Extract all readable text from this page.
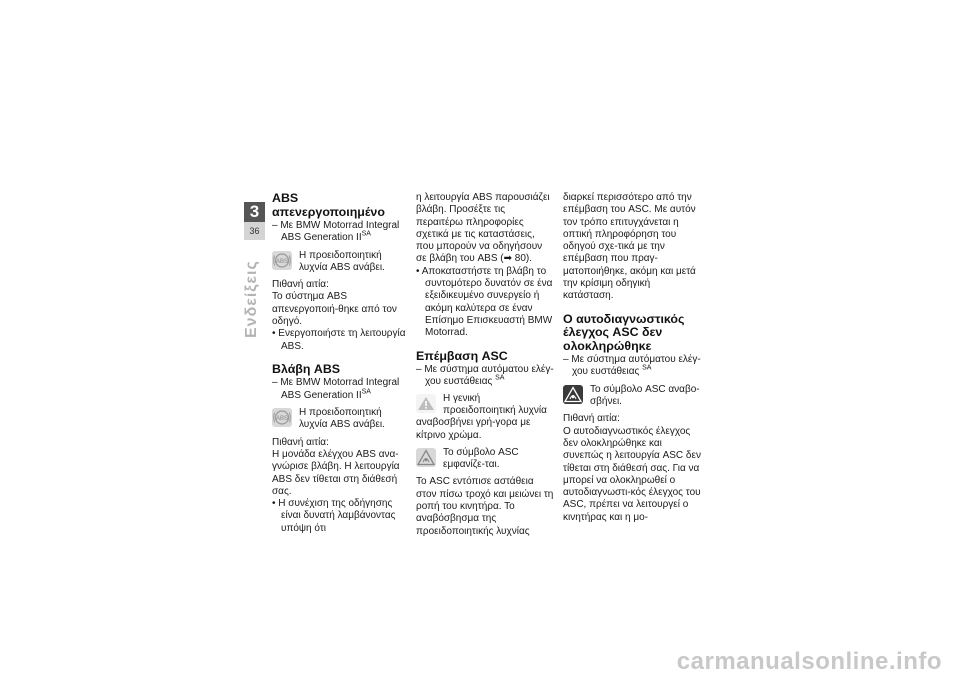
3
36
Ενδείξεις
ABS απενεργοποιημένο

– Με BMW Motorrad Integral
ABS Generation $II^{SA}$

ABS
Η προειδοποιητική λυχνία ABS ανάβει.

Πιθανή αιτία:

Το σύστημα ABS απενεργοποιή-θηκε από τον οδηγό.

• Ενεργοποιήστε τη λειτουργία ABS.

Βλάβη ABS

– Με BMW Motorrad Integral
ABS Generation $II^{SA}$

ABS
Η προειδοποιητική λυχνία ABS ανάβει.

Πιθανή αιτία:

Η μονάδα ελέγχου ABS ανα-γνώρισε βλάβη. Η λειτουργία ABS δεν τίθεται στη διάθεσή σας.

• Η συνέχιση της οδήγησης είναι δυνατή λαμβάνοντας υπόψη ότι

η λειτουργία ABS παρουσιάζει βλάβη. Προσέξτε τις περαιτέρω πληροφορίες σχετικά με τις καταστάσεις, που μπορούν να οδηγήσουν σε βλάβη του ABS (➡ 80).

• Αποκαταστήστε τη βλάβη το συντομότερο δυνατόν σε ένα εξειδικευμένο συνεργείο ή ακόμη καλύτερα σε έναν Επίσημο Επισκευαστή BMW Motorrad.

Επέμβαση ASC

– Με σύστημα αυτόματου ελέγ-
χου ευστάθειας $^{SA}$

Η γενική προειδοποιητική λυχνία αναβοσβήνει γρή-γορα με κίτρινο χρώμα.
Το σύμβολο ASC εμφανίζε-ται.

Το ASC εντόπισε αστάθεια στον πίσω τροχό και μειώνει τη ροπή του κινητήρα. Το αναβόσβησμα της προειδοποιητικής λυχνίας

διαρκεί περισσότερο από την επέμβαση του ASC. Με αυτόν τον τρόπο επιτυγχάνεται η οπτική πληροφόρηση του οδηγού σχε-τικά με την επέμβαση που πραγ-ματοποιήθηκε, ακόμη και μετά την κρίσιμη οδηγική κατάσταση.

Ο αυτοδιαγνωστικός έλεγχος ASC δεν ολοκληρώθηκε

– Με σύστημα αυτόματου ελέγ-
χου ευστάθειας $^{SA}$

Το σύμβολο ASC αναβο-σβήνει.

Πιθανή αιτία:

Ο αυτοδιαγνωστικός έλεγχος δεν ολοκληρώθηκε και συνεπώς η λειτουργία ASC δεν τίθεται στη διάθεσή σας. Για να μπορεί να ολοκληρωθεί ο αυτοδιαγνωστι-κός έλεγχος του ASC, πρέπει να λειτουργεί ο κινητήρας και η μο-

carmanualsonline.info
